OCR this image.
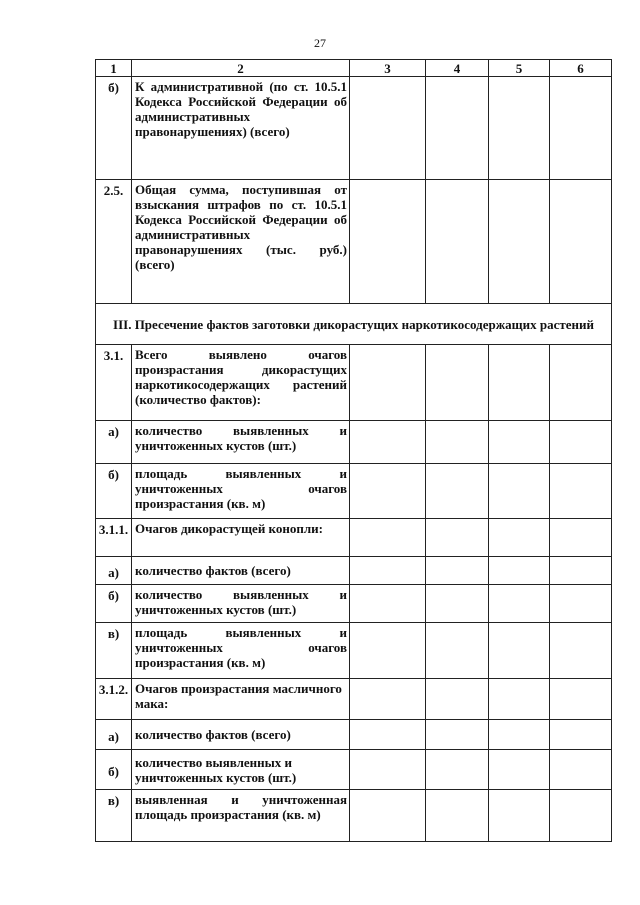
27
1	2	3	4	5	6
б)	К административной (по ст. 10.5.1 Кодекса Российской Федерации об административных правонарушениях) (всего)				
2.5.	Общая сумма, поступившая от взыскания штрафов по ст. 10.5.1 Кодекса Российской Федерации об административных правонарушениях (тыс. руб.) (всего)				
III. Пресечение фактов заготовки дикорастущих наркотикосодержащих растений					
3.1.	Всего выявлено очагов произрастания дикорастущих наркотикосодержащих растений (количество фактов):				
а)	количество выявленных и уничтоженных кустов (шт.)				
б)	площадь выявленных и уничтоженных очагов произрастания (кв. м)				
3.1.1.	Очагов дикорастущей конопли:				
а)	количество фактов (всего)				
б)	количество выявленных и уничтоженных кустов (шт.)				
в)	площадь выявленных и уничтоженных очагов произрастания (кв. м)				
3.1.2.	Очагов произрастания масличного мака:				
а)	количество фактов (всего)				
б)	количество выявленных и уничтоженных кустов (шт.)				
в)	выявленная и уничтоженная площадь произрастания (кв. м)				
